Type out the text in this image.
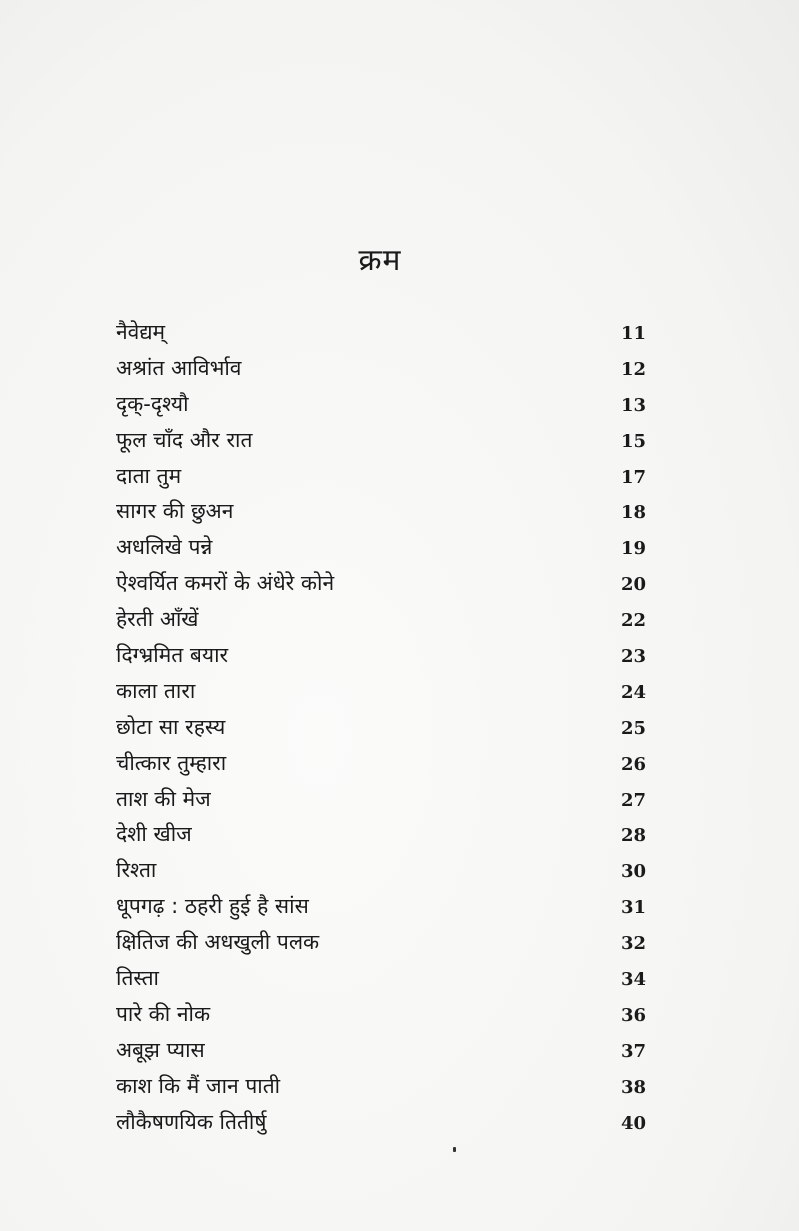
क्रम
नैवेद्यम्	11
अश्रांत आविर्भाव	12
दृक्-दृश्यौ	13
फूल चाँद और रात	15
दाता तुम	17
सागर की छुअन	18
अधलिखे पन्ने	19
ऐश्वर्यित कमरों के अंधेरे कोने	20
हेरती आँखें	22
दिग्भ्रमित बयार	23
काला तारा	24
छोटा सा रहस्य	25
चीत्कार तुम्हारा	26
ताश की मेज	27
देशी खीज	28
रिश्ता	30
धूपगढ़ : ठहरी हुई है सांस	31
क्षितिज की अधखुली पलक	32
तिस्ता	34
पारे की नोक	36
अबूझ प्यास	37
काश कि मैं जान पाती	38
लौकैषणयिक तितीर्षु	40
